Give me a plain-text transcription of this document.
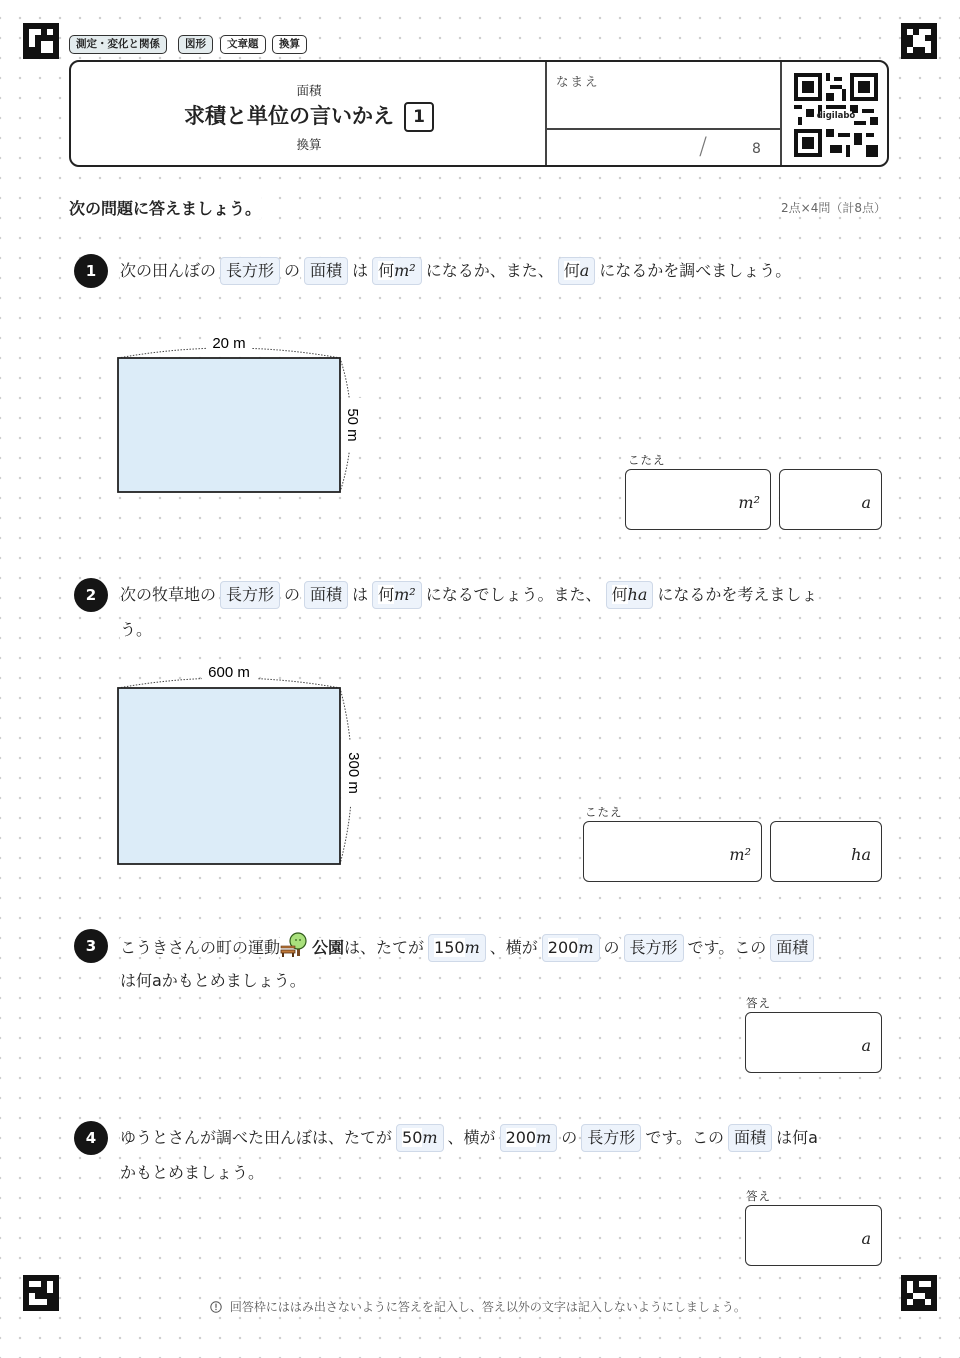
測定・変化と関係	図形	文章題	換算
面積
求積と単位の言いかえ 1
換算
なまえ
/	8
digilabo
次の問題に答えましょう。	2点×4問（計8点）
1	次の田んぼの 長方形 の 面積 は 何m² になるか、また、 何a になるかを調べましょう。
20 m
50 m
こたえ
m²	a
2	次の牧草地の 長方形 の 面積 は 何m² になるでしょう。また、 何ha になるかを考えましょ
う。
600 m
300 m
こたえ
m²	ha
3	こうきさんの町の運動 公園は、たてが 150m 、横が 200m の 長方形 です。この 面積
は何aかもとめましょう。
答え
a
4	ゆうとさんが調べた田んぼは、たてが 50m 、横が 200m の 長方形 です。この 面積 は何a
かもとめましょう。
答え
a
回答枠にははみ出さないように答えを記入し、答え以外の文字は記入しないようにしましょう。
